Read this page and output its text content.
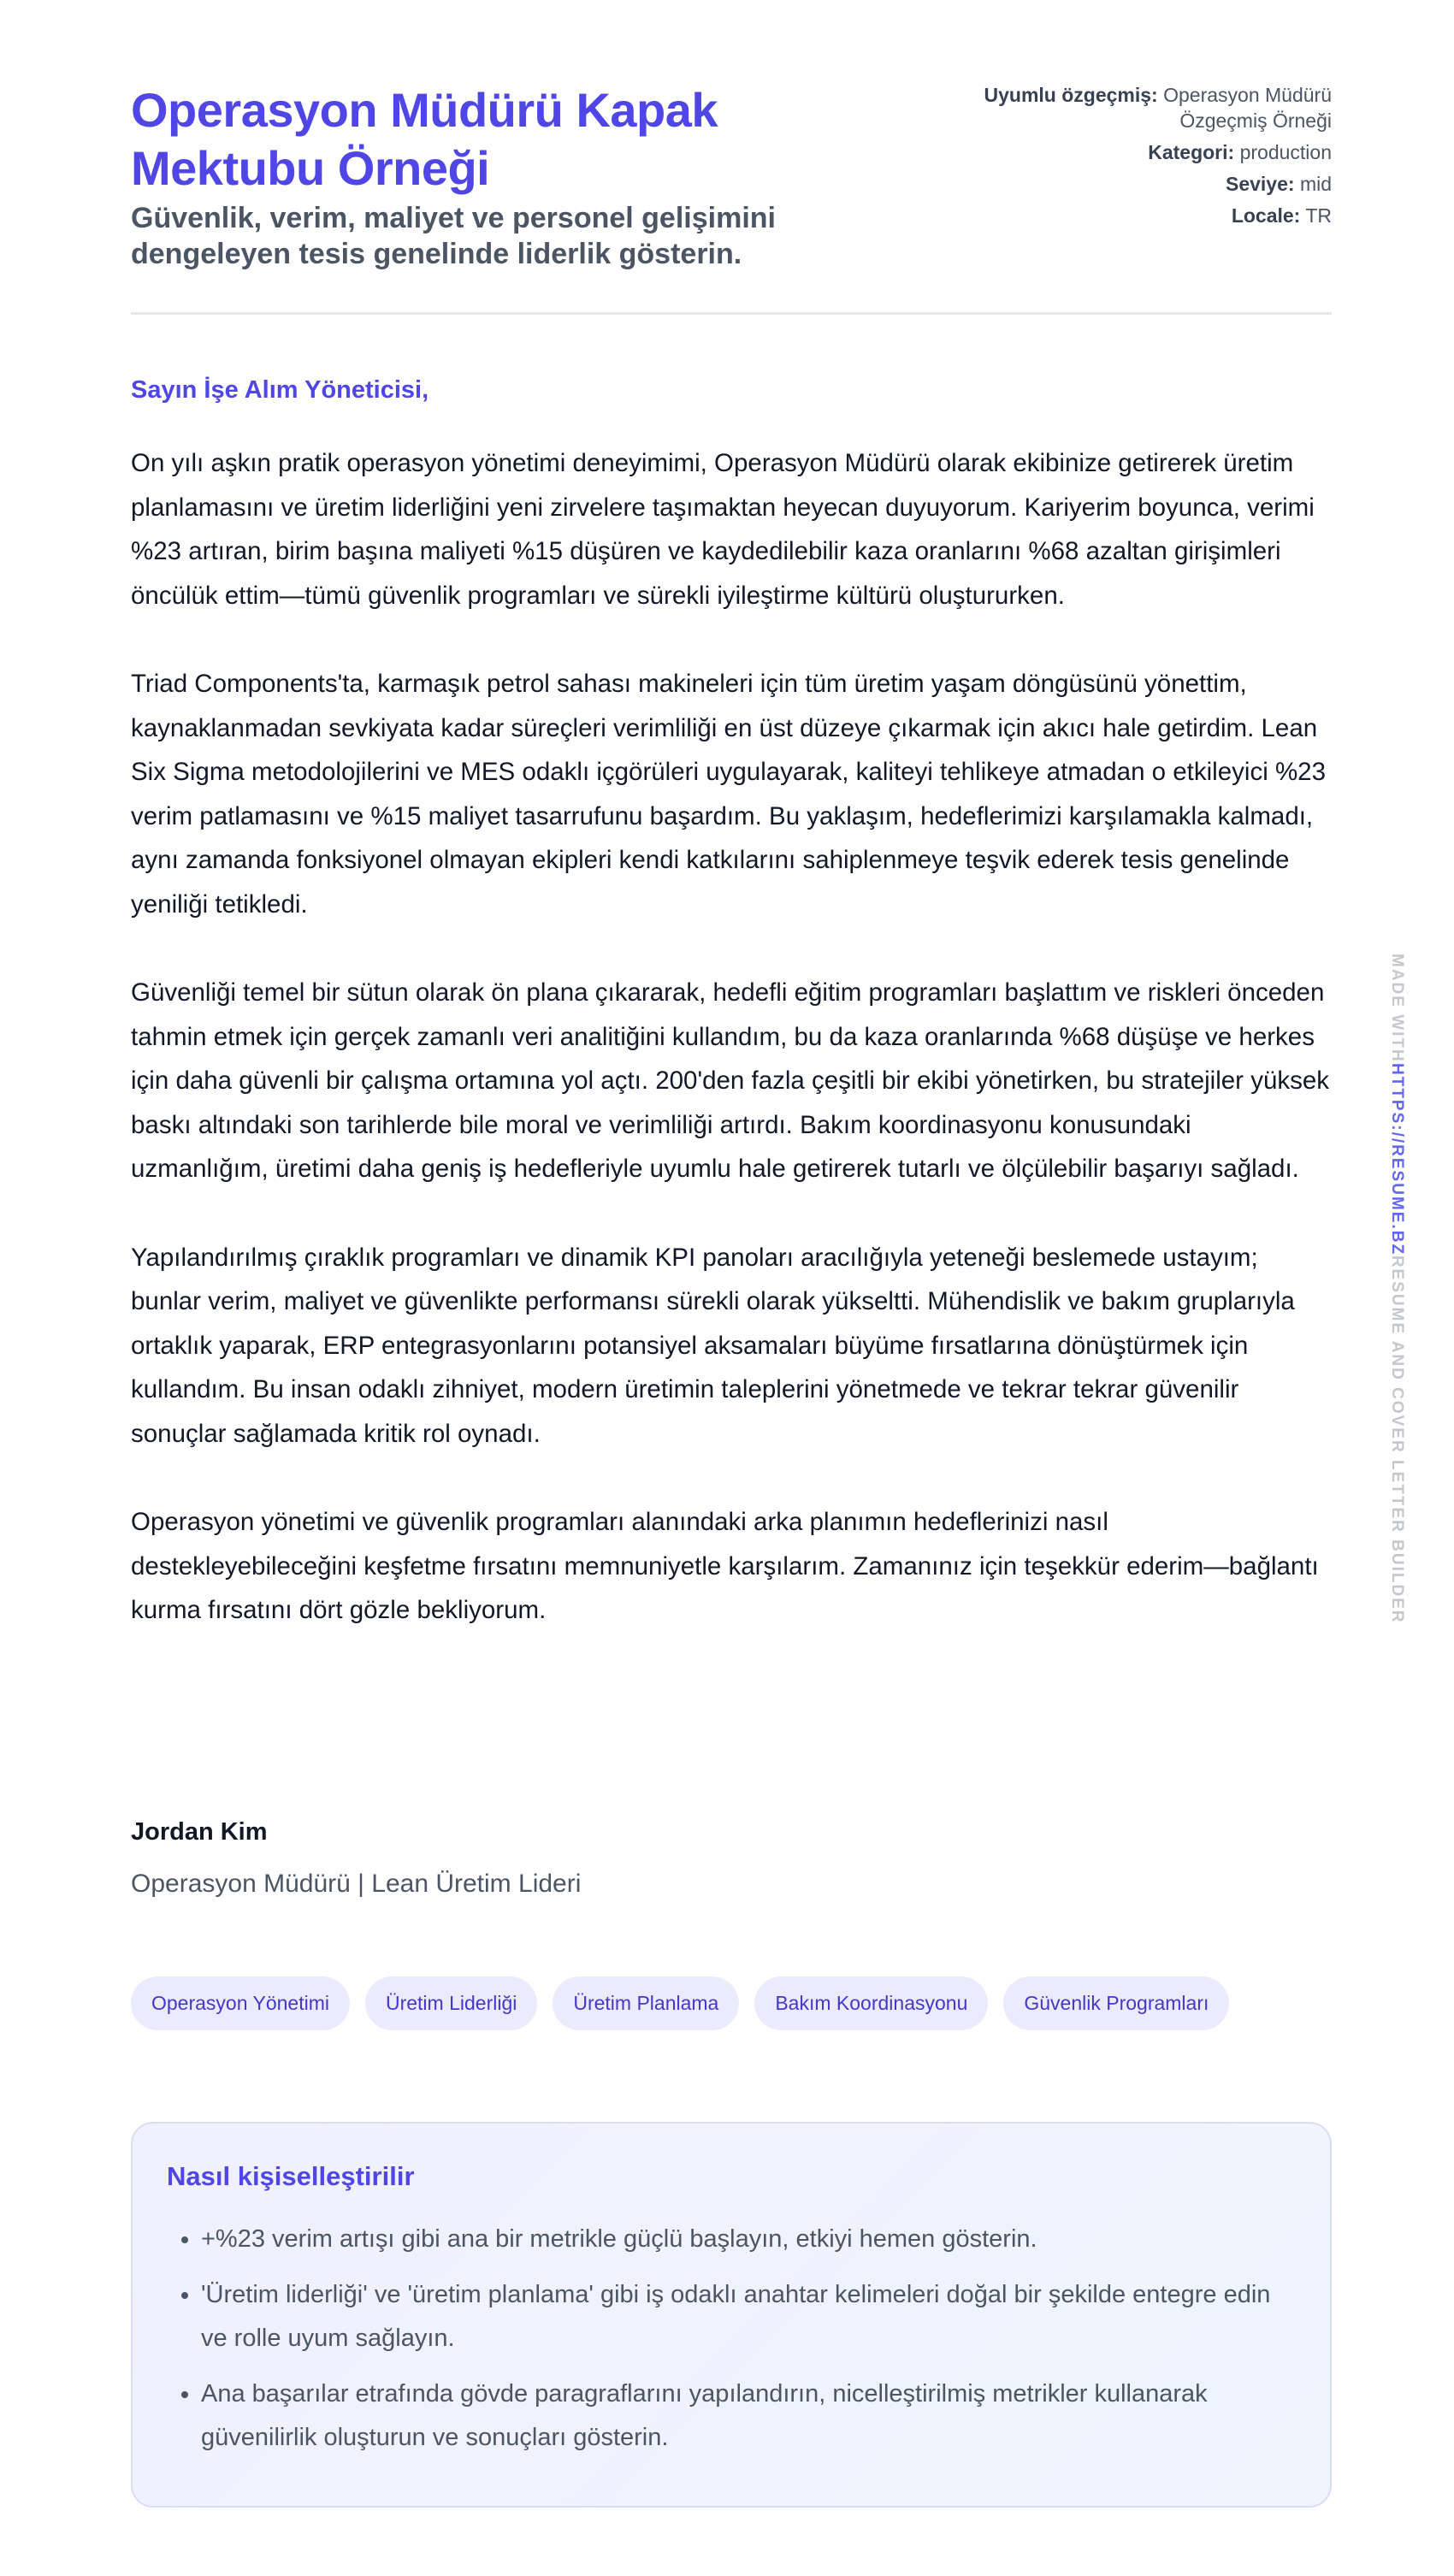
Operasyon Müdürü Kapak Mektubu Örneği
Güvenlik, verim, maliyet ve personel gelişimini dengeleyen tesis genelinde liderlik gösterin.
Uyumlu özgeçmiş: Operasyon Müdürü Özgeçmiş Örneği
Kategori: production
Seviye: mid
Locale: TR
Sayın İşe Alım Yöneticisi,

On yılı aşkın pratik operasyon yönetimi deneyimimi, Operasyon Müdürü olarak ekibinize getirerek üretim planlamasını ve üretim liderliğini yeni zirvelere taşımaktan heyecan duyuyorum. Kariyerim boyunca, verimi %23 artıran, birim başına maliyeti %15 düşüren ve kaydedilebilir kaza oranlarını %68 azaltan girişimleri öncülük ettim—tümü güvenlik programları ve sürekli iyileştirme kültürü oluştururken.

Triad Components'ta, karmaşık petrol sahası makineleri için tüm üretim yaşam döngüsünü yönettim, kaynaklanmadan sevkiyata kadar süreçleri verimliliği en üst düzeye çıkarmak için akıcı hale getirdim. Lean Six Sigma metodolojilerini ve MES odaklı içgörüleri uygulayarak, kaliteyi tehlikeye atmadan o etkileyici %23 verim patlamasını ve %15 maliyet tasarrufunu başardım. Bu yaklaşım, hedeflerimizi karşılamakla kalmadı, aynı zamanda fonksiyonel olmayan ekipleri kendi katkılarını sahiplenmeye teşvik ederek tesis genelinde yeniliği tetikledi.

Güvenliği temel bir sütun olarak ön plana çıkararak, hedefli eğitim programları başlattım ve riskleri önceden tahmin etmek için gerçek zamanlı veri analitiğini kullandım, bu da kaza oranlarında %68 düşüşe ve herkes için daha güvenli bir çalışma ortamına yol açtı. 200'den fazla çeşitli bir ekibi yönetirken, bu stratejiler yüksek baskı altındaki son tarihlerde bile moral ve verimliliği artırdı. Bakım koordinasyonu konusundaki uzmanlığım, üretimi daha geniş iş hedefleriyle uyumlu hale getirerek tutarlı ve ölçülebilir başarıyı sağladı.

Yapılandırılmış çıraklık programları ve dinamik KPI panoları aracılığıyla yeteneği beslemede ustayım; bunlar verim, maliyet ve güvenlikte performansı sürekli olarak yükseltti. Mühendislik ve bakım gruplarıyla ortaklık yaparak, ERP entegrasyonlarını potansiyel aksamaları büyüme fırsatlarına dönüştürmek için kullandım. Bu insan odaklı zihniyet, modern üretimin taleplerini yönetmede ve tekrar tekrar güvenilir sonuçlar sağlamada kritik rol oynadı.

Operasyon yönetimi ve güvenlik programları alanındaki arka planımın hedeflerinizi nasıl destekleyebileceğini keşfetme fırsatını memnuniyetle karşılarım. Zamanınız için teşekkür ederim—bağlantı kurma fırsatını dört gözle bekliyorum.

Jordan Kim
Operasyon Müdürü | Lean Üretim Lideri
Operasyon Yönetimi	Üretim Liderliği	Üretim Planlama	Bakım Koordinasyonu	Güvenlik Programları
Nasıl kişiselleştirilir
• +%23 verim artışı gibi ana bir metrikle güçlü başlayın, etkiyi hemen gösterin.
• 'Üretim liderliği' ve 'üretim planlama' gibi iş odaklı anahtar kelimeleri doğal bir şekilde entegre edin ve rolle uyum sağlayın.
• Ana başarılar etrafında gövde paragraflarını yapılandırın, nicelleştirilmiş metrikler kullanarak güvenilirlik oluşturun ve sonuçları gösterin.
MADE WITHHTTPS://RESUME.BZRESUME AND COVER LETTER BUILDER
